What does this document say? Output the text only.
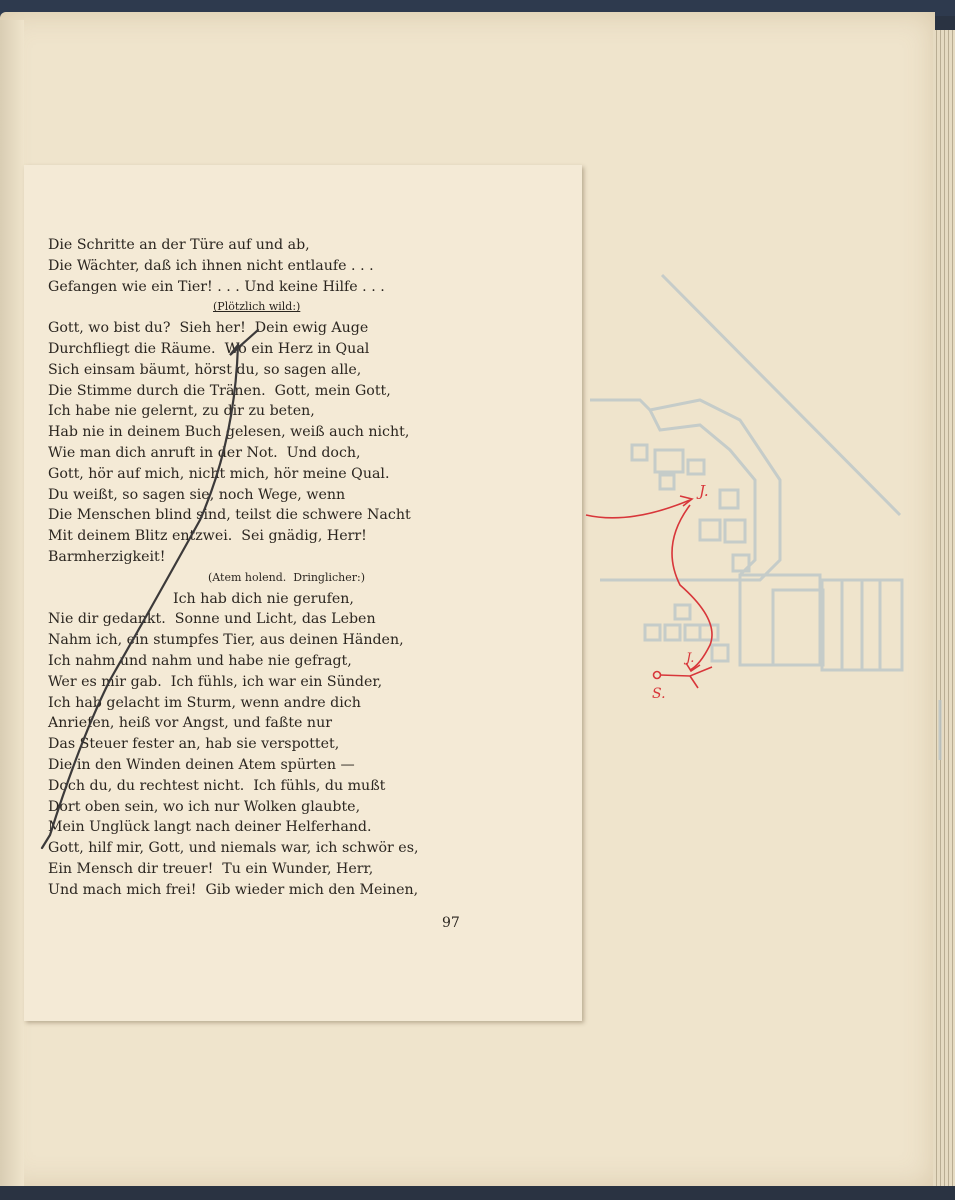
Die Schritte an der Türe auf und ab,
Die Wächter, daß ich ihnen nicht entlaufe . . .
Gefangen wie ein Tier! . . . Und keine Hilfe . . .
(Plötzlich wild:)
Gott, wo bist du?  Sieh her!  Dein ewig Auge
Durchfliegt die Räume.  Wo ein Herz in Qual
Sich einsam bäumt, hörst du, so sagen alle,
Die Stimme durch die Tränen.  Gott, mein Gott,
Ich habe nie gelernt, zu dir zu beten,
Hab nie in deinem Buch gelesen, weiß auch nicht,
Wie man dich anruft in der Not.  Und doch,
Gott, hör auf mich, nicht mich, hör meine Qual.
Du weißt, so sagen sie, noch Wege, wenn
Die Menschen blind sind, teilst die schwere Nacht
Mit deinem Blitz entzwei.  Sei gnädig, Herr!
Barmherzigkeit!
(Atem holend.  Dringlicher:)
Ich hab dich nie gerufen,
Nie dir gedankt.  Sonne und Licht, das Leben
Nahm ich, ein stumpfes Tier, aus deinen Händen,
Ich nahm und nahm und habe nie gefragt,
Wer es mir gab.  Ich fühls, ich war ein Sünder,
Ich hab gelacht im Sturm, wenn andre dich
Anriefen, heiß vor Angst, und faßte nur
Das Steuer fester an, hab sie verspottet,
Die in den Winden deinen Atem spürten —
Doch du, du rechtest nicht.  Ich fühls, du mußt
Dort oben sein, wo ich nur Wolken glaubte,
Mein Unglück langt nach deiner Helferhand.
Gott, hilf mir, Gott, und niemals war, ich schwör es,
Ein Mensch dir treuer!  Tu ein Wunder, Herr,
Und mach mich frei!  Gib wieder mich den Meinen,
97
J.
J.
S.
